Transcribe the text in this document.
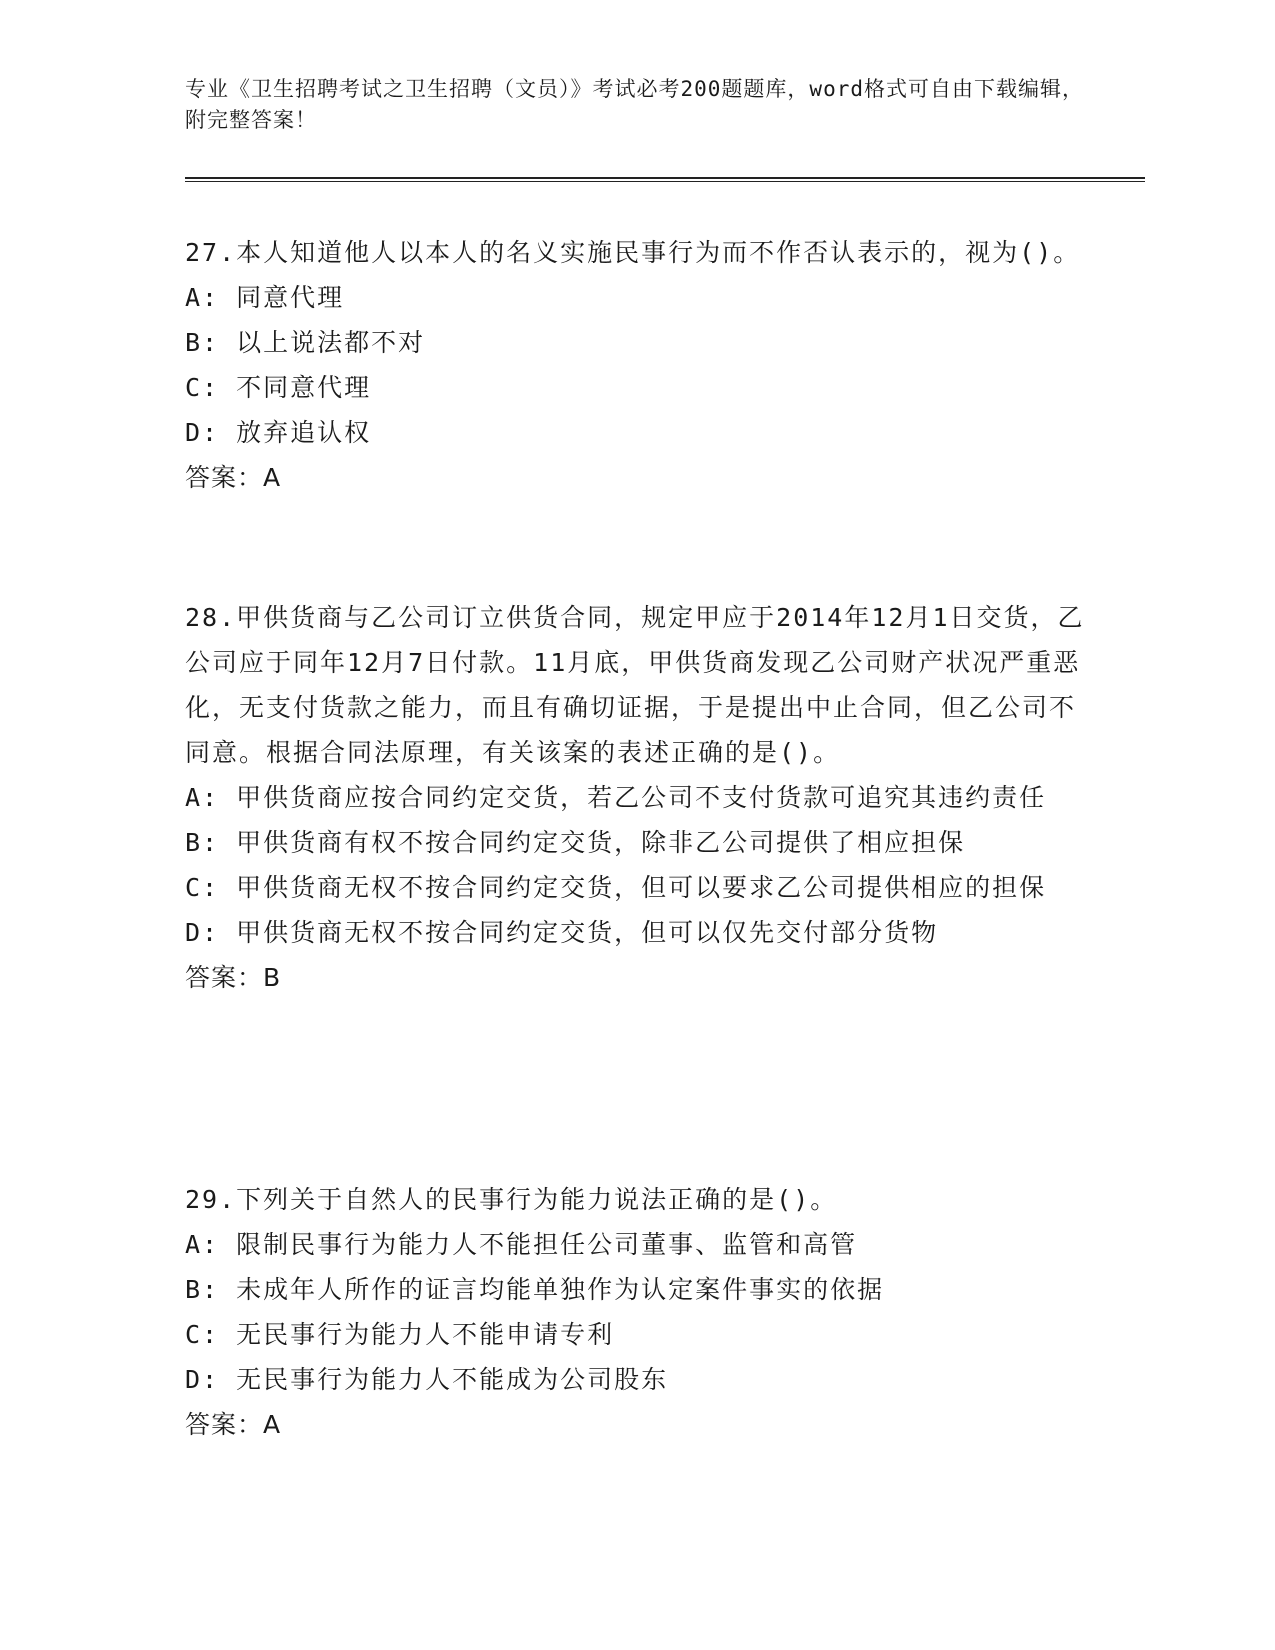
专业《卫生招聘考试之卫生招聘（文员）》考试必考200题题库，word格式可自由下载编辑，附完整答案！
27.本人知道他人以本人的名义实施民事行为而不作否认表示的，视为()。
A: 同意代理
B: 以上说法都不对
C: 不同意代理
D: 放弃追认权
答案：A
28.甲供货商与乙公司订立供货合同，规定甲应于2014年12月1日交货，乙公司应于同年12月7日付款。11月底，甲供货商发现乙公司财产状况严重恶化，无支付货款之能力，而且有确切证据，于是提出中止合同，但乙公司不同意。根据合同法原理，有关该案的表述正确的是()。
A: 甲供货商应按合同约定交货，若乙公司不支付货款可追究其违约责任
B: 甲供货商有权不按合同约定交货，除非乙公司提供了相应担保
C: 甲供货商无权不按合同约定交货，但可以要求乙公司提供相应的担保
D: 甲供货商无权不按合同约定交货，但可以仅先交付部分货物
答案：B
29.下列关于自然人的民事行为能力说法正确的是()。
A: 限制民事行为能力人不能担任公司董事、监管和高管
B: 未成年人所作的证言均能单独作为认定案件事实的依据
C: 无民事行为能力人不能申请专利
D: 无民事行为能力人不能成为公司股东
答案：A
